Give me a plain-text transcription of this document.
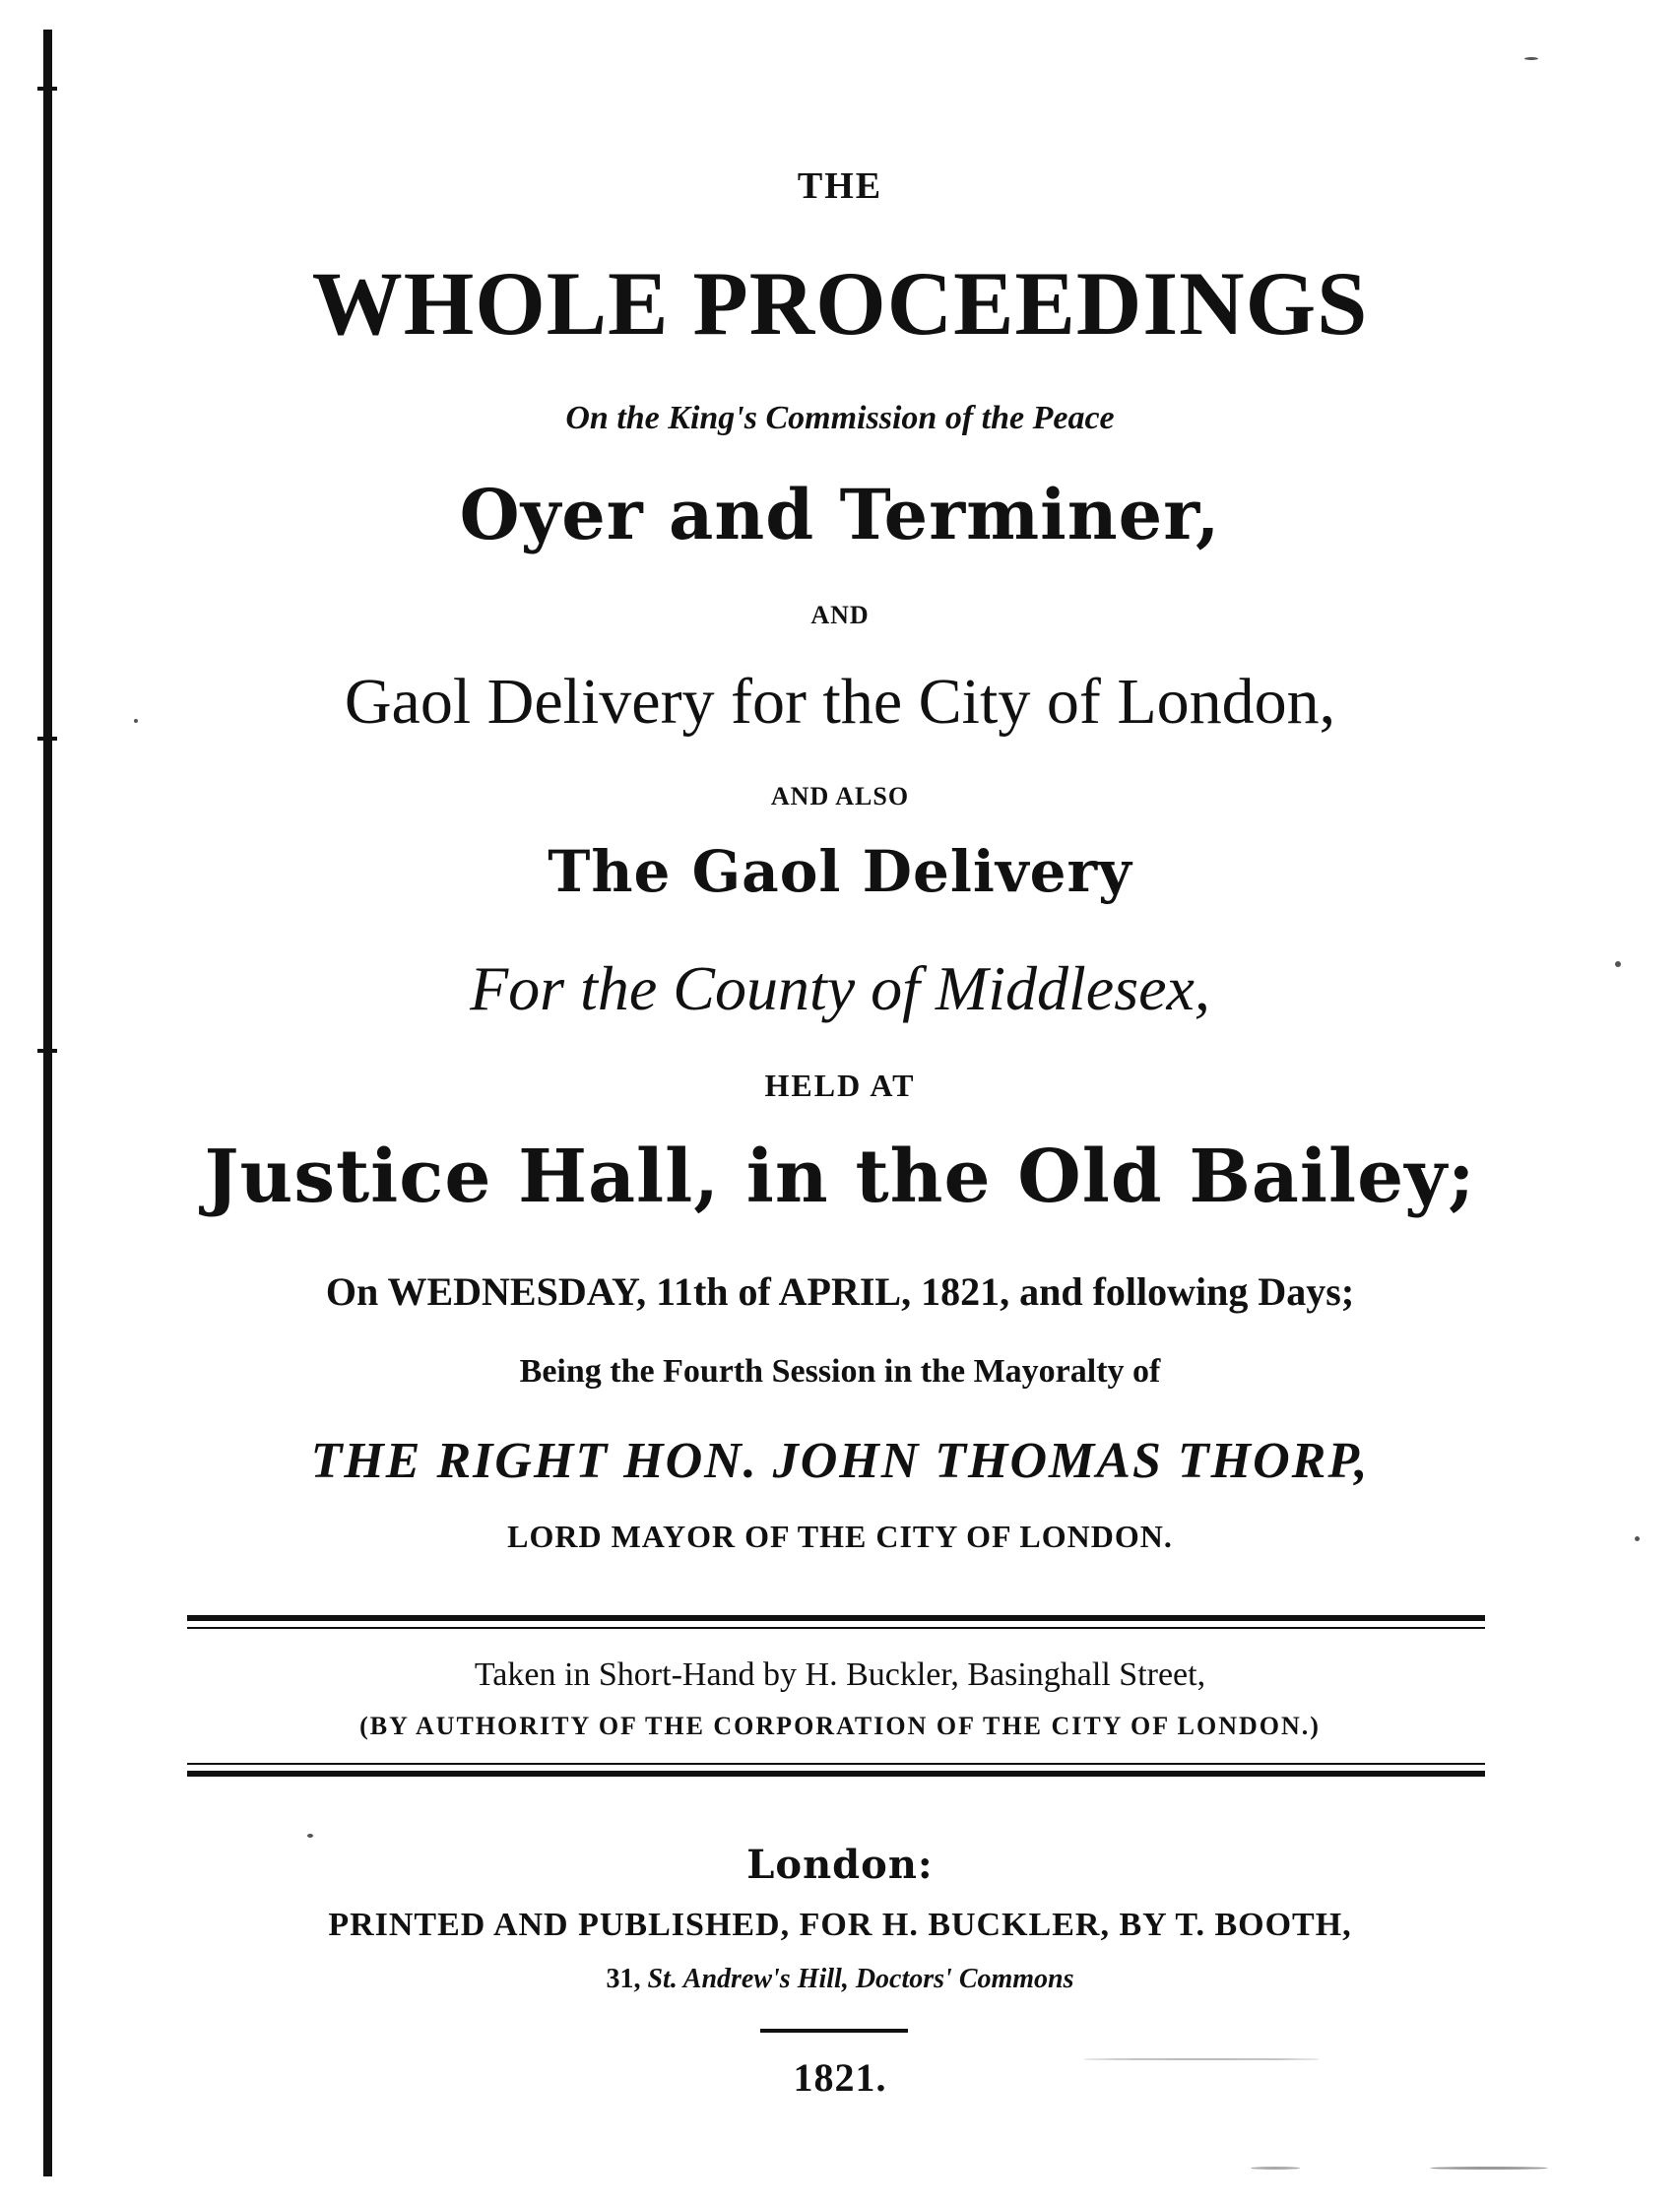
THE
WHOLE PROCEEDINGS
On the King's Commission of the Peace
Oyer and Terminer,
AND
Gaol Delivery for the City of London,
AND ALSO
The Gaol Delivery
For the County of Middlesex,
HELD AT
Justice Hall, in the Old Bailey;
On WEDNESDAY, 11th of APRIL, 1821, and following Days;
Being the Fourth Session in the Mayoralty of
THE RIGHT HON. JOHN THOMAS THORP,
LORD MAYOR OF THE CITY OF LONDON.
Taken in Short-Hand by H. Buckler, Basinghall Street,
(BY AUTHORITY OF THE CORPORATION OF THE CITY OF LONDON.)
London:
PRINTED AND PUBLISHED, FOR H. BUCKLER, BY T. BOOTH,
31, St. Andrew's Hill, Doctors' Commons
1821.
